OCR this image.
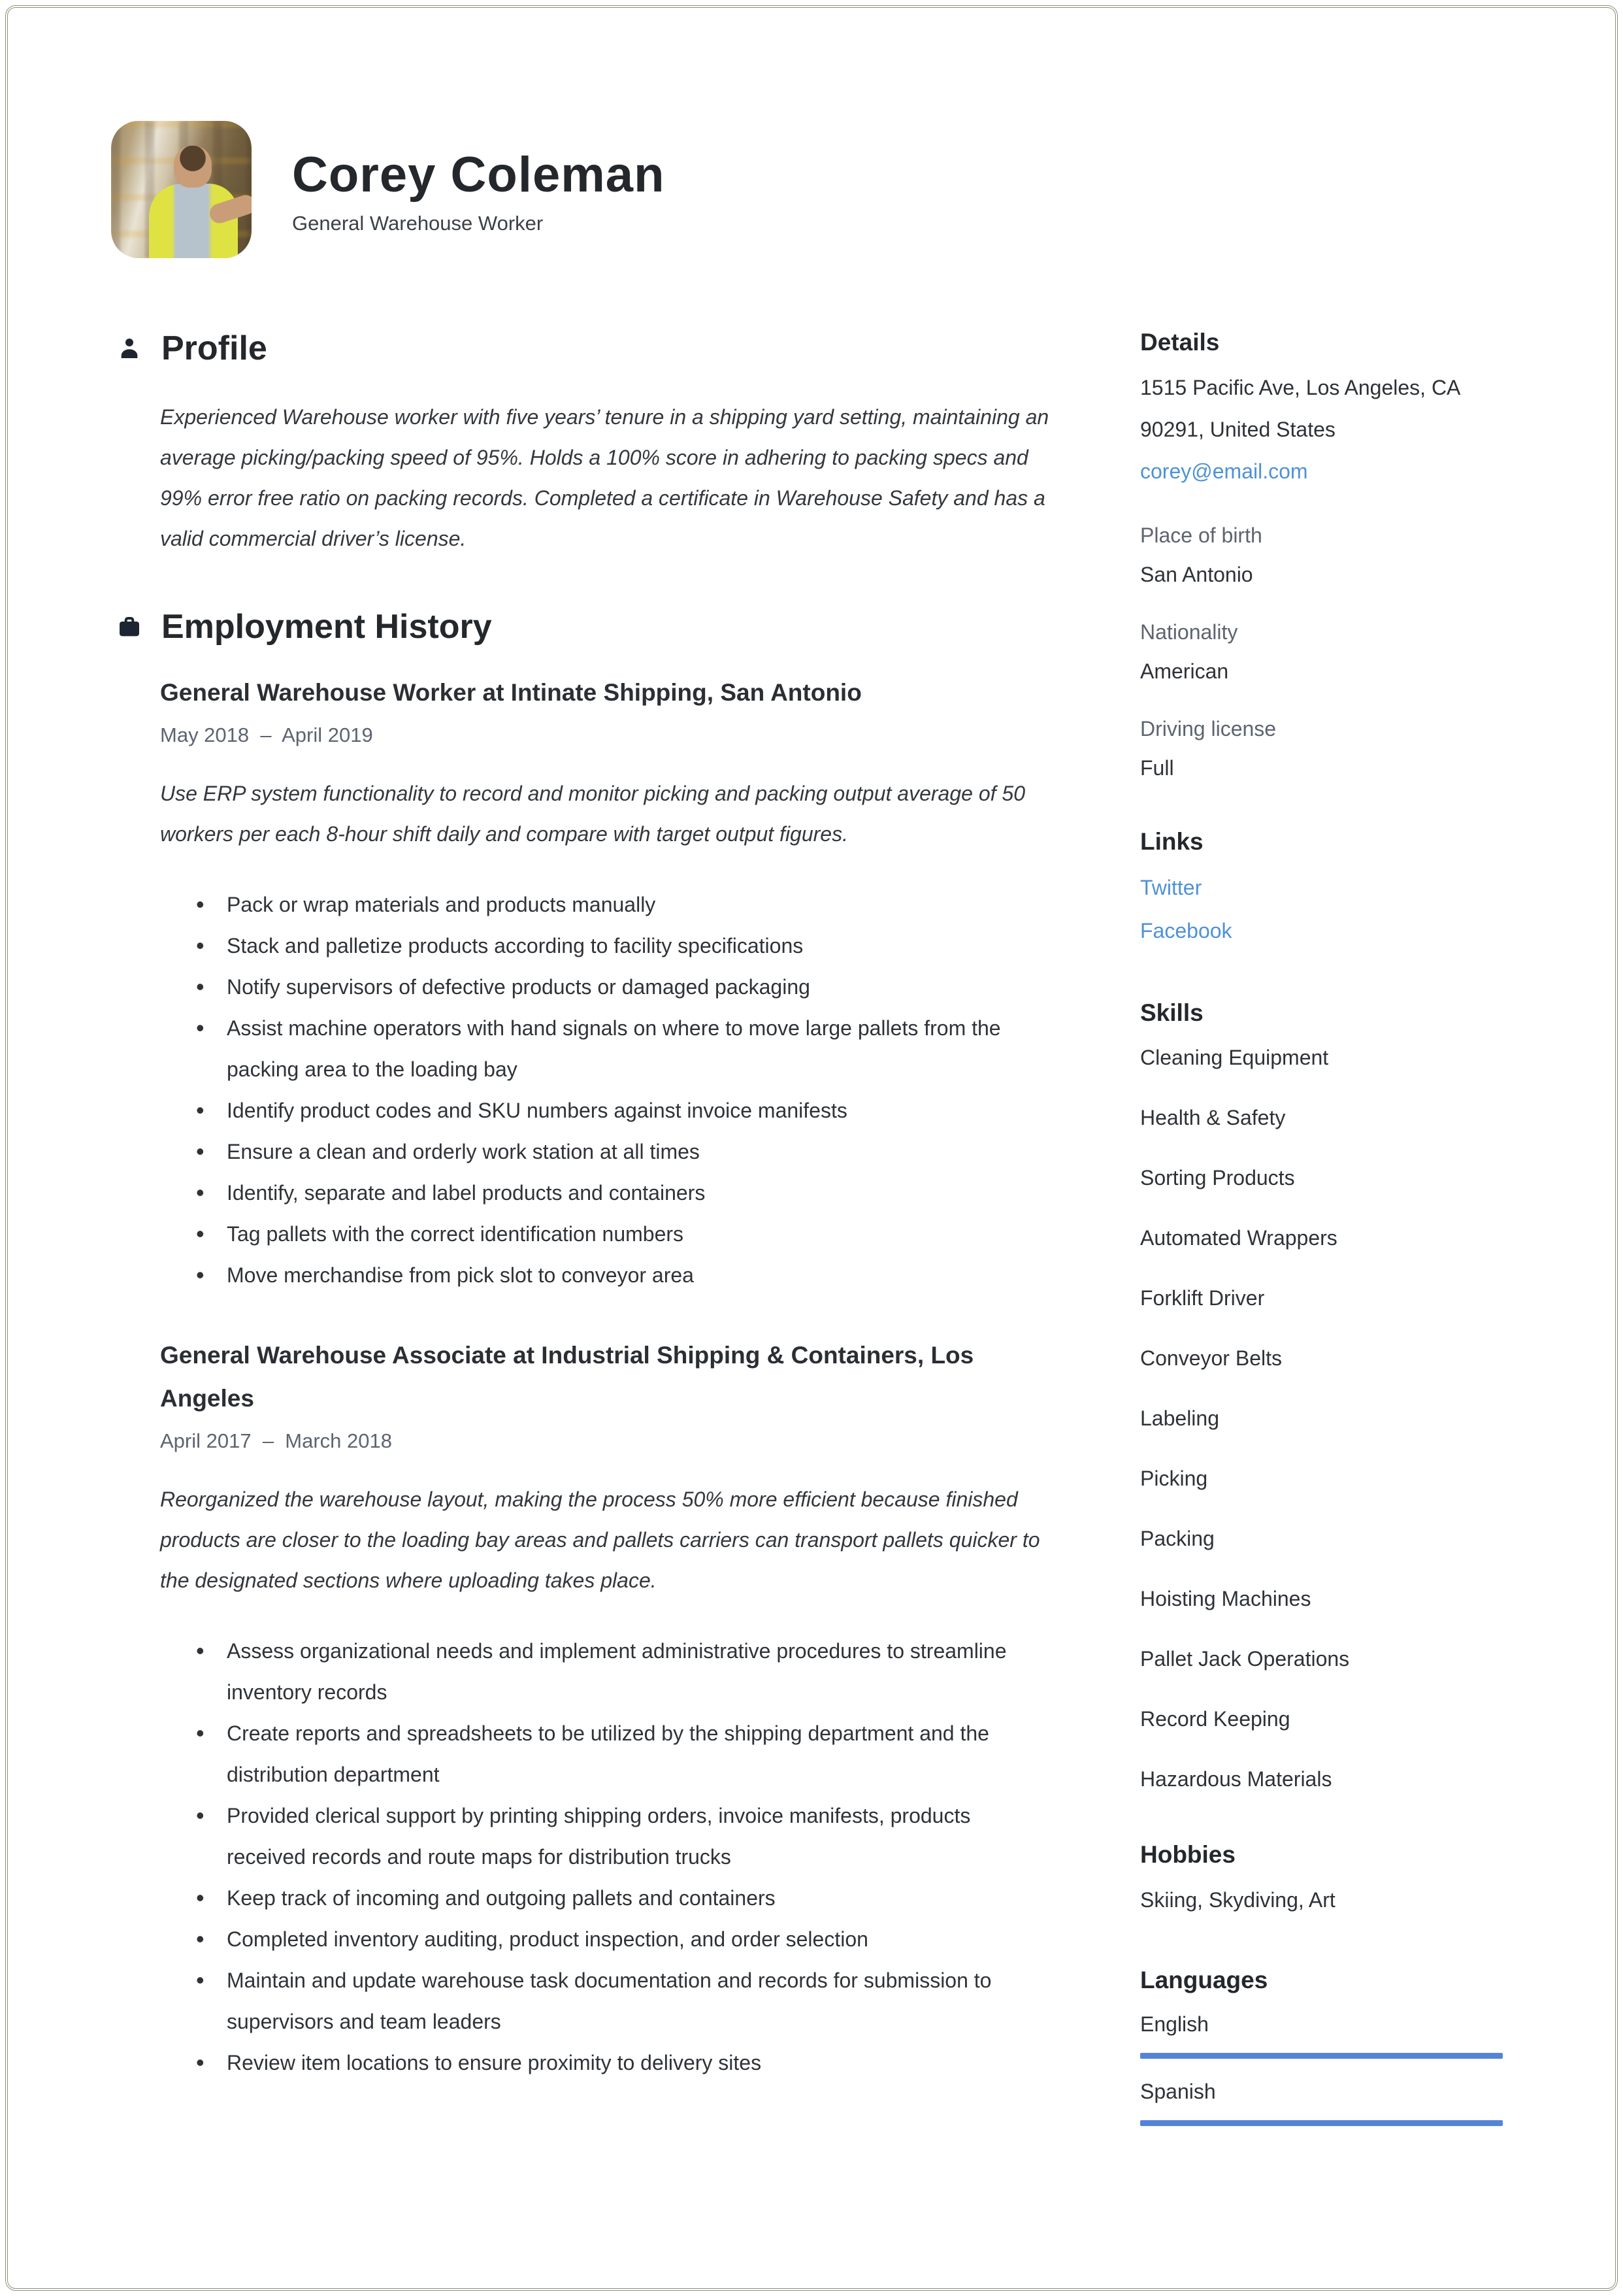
Corey Coleman
General Warehouse Worker
Profile

Experienced Warehouse worker with five years’ tenure in a shipping yard setting, maintaining an average picking/packing speed of 95%. Holds a 100% score in adhering to packing specs and 99% error free ratio on packing records. Completed a certificate in Warehouse Safety and has a valid commercial driver’s license.

Employment History
General Warehouse Worker at Intinate Shipping, San Antonio
May 2018  –  April 2019

Use ERP system functionality to record and monitor picking and packing output average of 50 workers per each 8-hour shift daily and compare with target output figures.

• Pack or wrap materials and products manually
• Stack and palletize products according to facility specifications
• Notify supervisors of defective products or damaged packaging
• Assist machine operators with hand signals on where to move large pallets from the packing area to the loading bay
• Identify product codes and SKU numbers against invoice manifests
• Ensure a clean and orderly work station at all times
• Identify, separate and label products and containers
• Tag pallets with the correct identification numbers
• Move merchandise from pick slot to conveyor area
General Warehouse Associate at Industrial Shipping & Containers, Los Angeles
April 2017  –  March 2018

Reorganized the warehouse layout, making the process 50% more efficient because finished products are closer to the loading bay areas and pallets carriers can transport pallets quicker to the designated sections where uploading takes place.

• Assess organizational needs and implement administrative procedures to streamline inventory records
• Create reports and spreadsheets to be utilized by the shipping department and the distribution department
• Provided clerical support by printing shipping orders, invoice manifests, products received records and route maps for distribution trucks
• Keep track of incoming and outgoing pallets and containers
• Completed inventory auditing, product inspection, and order selection
• Maintain and update warehouse task documentation and records for submission to supervisors and team leaders
• Review item locations to ensure proximity to delivery sites
Details
1515 Pacific Ave, Los Angeles, CA
90291, United States
corey@email.com
Place of birth
San Antonio
Nationality
American
Driving license
Full
Links
Twitter
Facebook
Skills
Cleaning Equipment
Health & Safety
Sorting Products
Automated Wrappers
Forklift Driver
Conveyor Belts
Labeling
Picking
Packing
Hoisting Machines
Pallet Jack Operations
Record Keeping
Hazardous Materials
Hobbies
Skiing, Skydiving, Art
Languages
English
Spanish
